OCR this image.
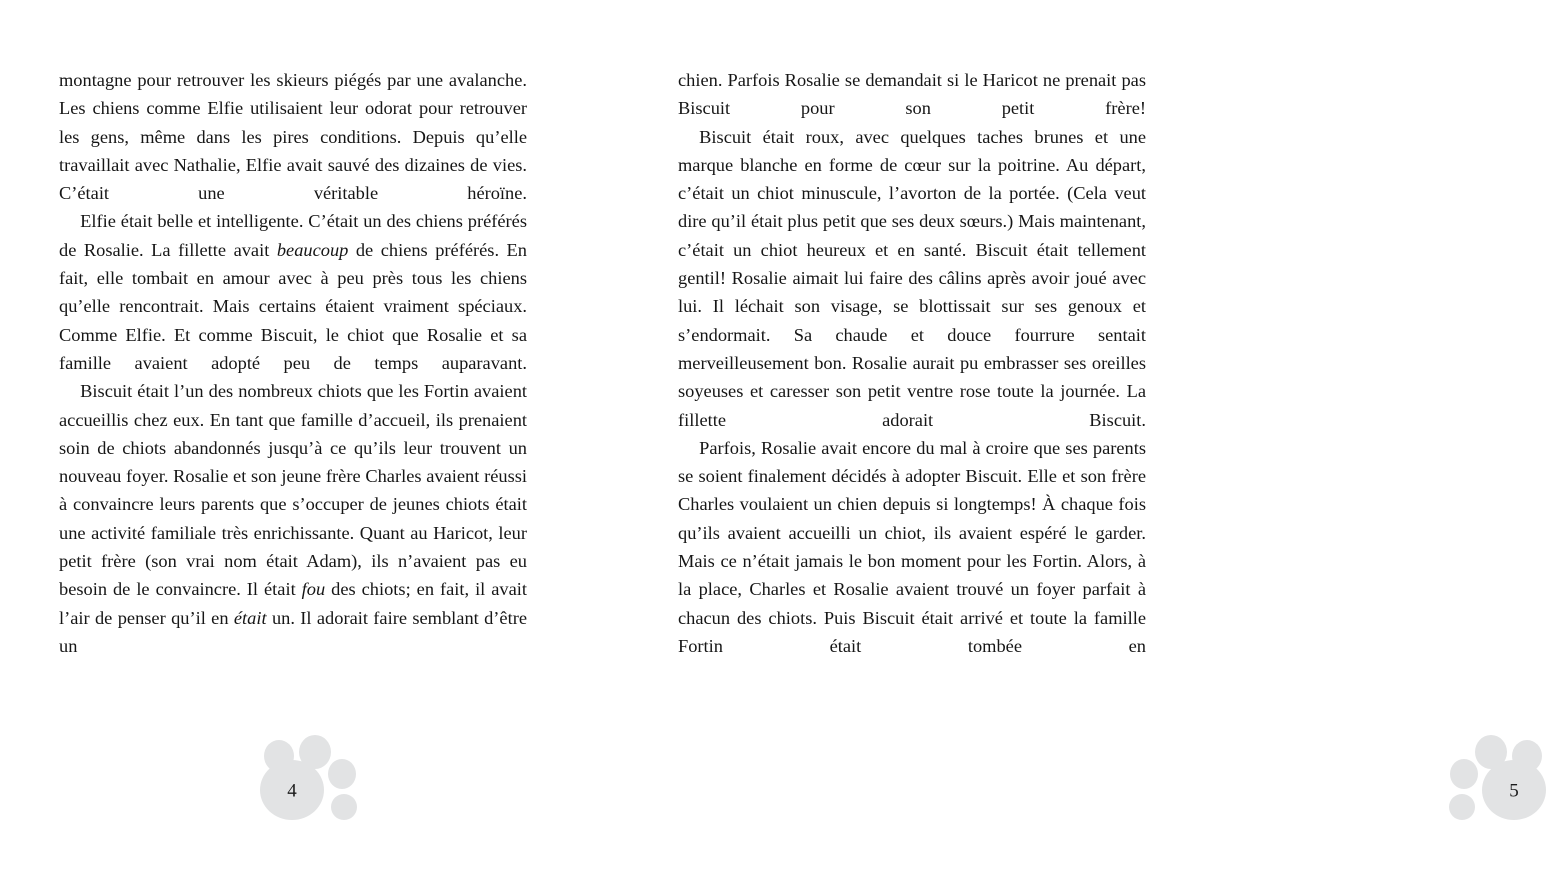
montagne pour retrouver les skieurs piégés par une avalanche. Les chiens comme Elfie utilisaient leur odorat pour retrouver les gens, même dans les pires conditions. Depuis qu’elle travaillait avec Nathalie, Elfie avait sauvé des dizaines de vies. C’était une véritable héroïne.

Elfie était belle et intelligente. C’était un des chiens préférés de Rosalie. La fillette avait beaucoup de chiens préférés. En fait, elle tombait en amour avec à peu près tous les chiens qu’elle rencontrait. Mais certains étaient vraiment spéciaux. Comme Elfie. Et comme Biscuit, le chiot que Rosalie et sa famille avaient adopté peu de temps auparavant.

Biscuit était l’un des nombreux chiots que les Fortin avaient accueillis chez eux. En tant que famille d’accueil, ils prenaient soin de chiots abandonnés jusqu’à ce qu’ils leur trouvent un nouveau foyer. Rosalie et son jeune frère Charles avaient réussi à convaincre leurs parents que s’occuper de jeunes chiots était une activité familiale très enrichissante. Quant au Haricot, leur petit frère (son vrai nom était Adam), ils n’avaient pas eu besoin de le convaincre. Il était fou des chiots; en fait, il avait l’air de penser qu’il en était un. Il adorait faire semblant d’être un

4

chien. Parfois Rosalie se demandait si le Haricot ne prenait pas Biscuit pour son petit frère!

Biscuit était roux, avec quelques taches brunes et une marque blanche en forme de cœur sur la poitrine. Au départ, c’était un chiot minuscule, l’avorton de la portée. (Cela veut dire qu’il était plus petit que ses deux sœurs.) Mais maintenant, c’était un chiot heureux et en santé. Biscuit était tellement gentil! Rosalie aimait lui faire des câlins après avoir joué avec lui. Il léchait son visage, se blottissait sur ses genoux et s’endormait. Sa chaude et douce fourrure sentait merveilleusement bon. Rosalie aurait pu embrasser ses oreilles soyeuses et caresser son petit ventre rose toute la journée. La fillette adorait Biscuit.

Parfois, Rosalie avait encore du mal à croire que ses parents se soient finalement décidés à adopter Biscuit. Elle et son frère Charles voulaient un chien depuis si longtemps! À chaque fois qu’ils avaient accueilli un chiot, ils avaient espéré le garder. Mais ce n’était jamais le bon moment pour les Fortin. Alors, à la place, Charles et Rosalie avaient trouvé un foyer parfait à chacun des chiots. Puis Biscuit était arrivé et toute la famille Fortin était tombée en

5
